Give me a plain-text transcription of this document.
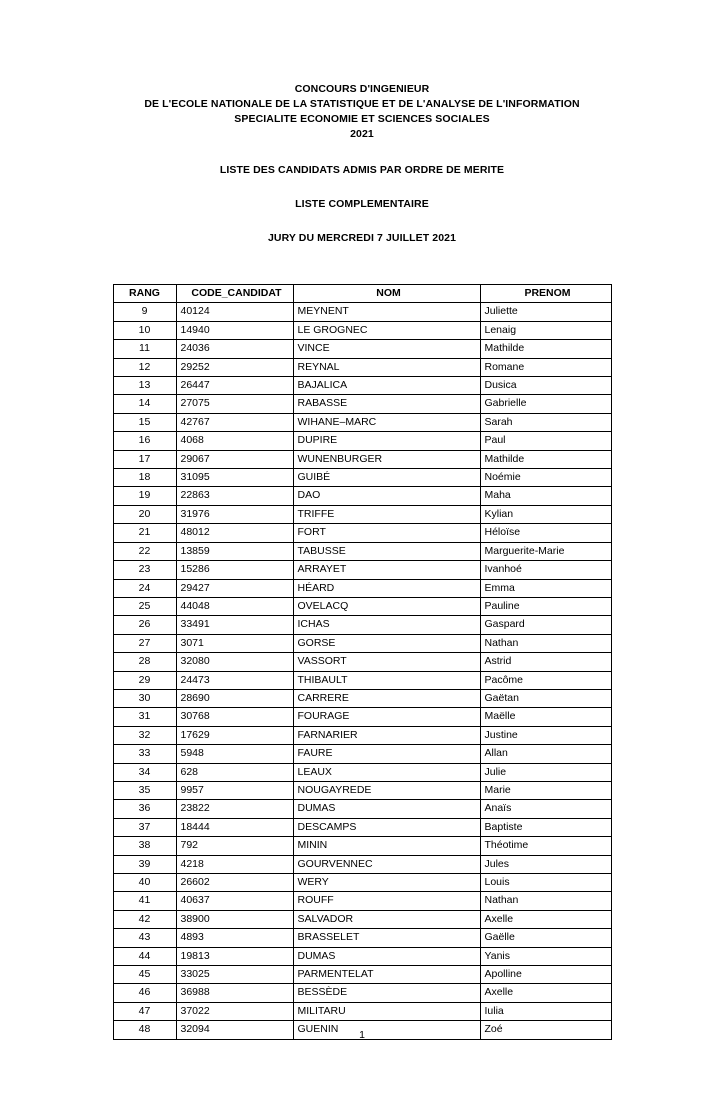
CONCOURS D'INGENIEUR
DE L'ECOLE NATIONALE DE LA STATISTIQUE ET DE L'ANALYSE DE L'INFORMATION
SPECIALITE ECONOMIE ET SCIENCES SOCIALES
2021
LISTE DES CANDIDATS ADMIS PAR ORDRE DE MERITE
LISTE COMPLEMENTAIRE
JURY DU MERCREDI 7 JUILLET 2021
RANG	CODE_CANDIDAT	NOM	PRENOM
9	40124	MEYNENT	Juliette
10	14940	LE GROGNEC	Lenaig
11	24036	VINCE	Mathilde
12	29252	REYNAL	Romane
13	26447	BAJALICA	Dusica
14	27075	RABASSE	Gabrielle
15	42767	WIHANE–MARC	Sarah
16	4068	DUPIRE	Paul
17	29067	WUNENBURGER	Mathilde
18	31095	GUIBÉ	Noémie
19	22863	DAO	Maha
20	31976	TRIFFE	Kylian
21	48012	FORT	Héloïse
22	13859	TABUSSE	Marguerite-Marie
23	15286	ARRAYET	Ivanhoé
24	29427	HÉARD	Emma
25	44048	OVELACQ	Pauline
26	33491	ICHAS	Gaspard
27	3071	GORSE	Nathan
28	32080	VASSORT	Astrid
29	24473	THIBAULT	Pacôme
30	28690	CARRERE	Gaëtan
31	30768	FOURAGE	Maëlle
32	17629	FARNARIER	Justine
33	5948	FAURE	Allan
34	628	LEAUX	Julie
35	9957	NOUGAYREDE	Marie
36	23822	DUMAS	Anaïs
37	18444	DESCAMPS	Baptiste
38	792	MININ	Théotime
39	4218	GOURVENNEC	Jules
40	26602	WERY	Louis
41	40637	ROUFF	Nathan
42	38900	SALVADOR	Axelle
43	4893	BRASSELET	Gaëlle
44	19813	DUMAS	Yanis
45	33025	PARMENTELAT	Apolline
46	36988	BESSÈDE	Axelle
47	37022	MILITARU	Iulia
48	32094	GUENIN	Zoé
1
